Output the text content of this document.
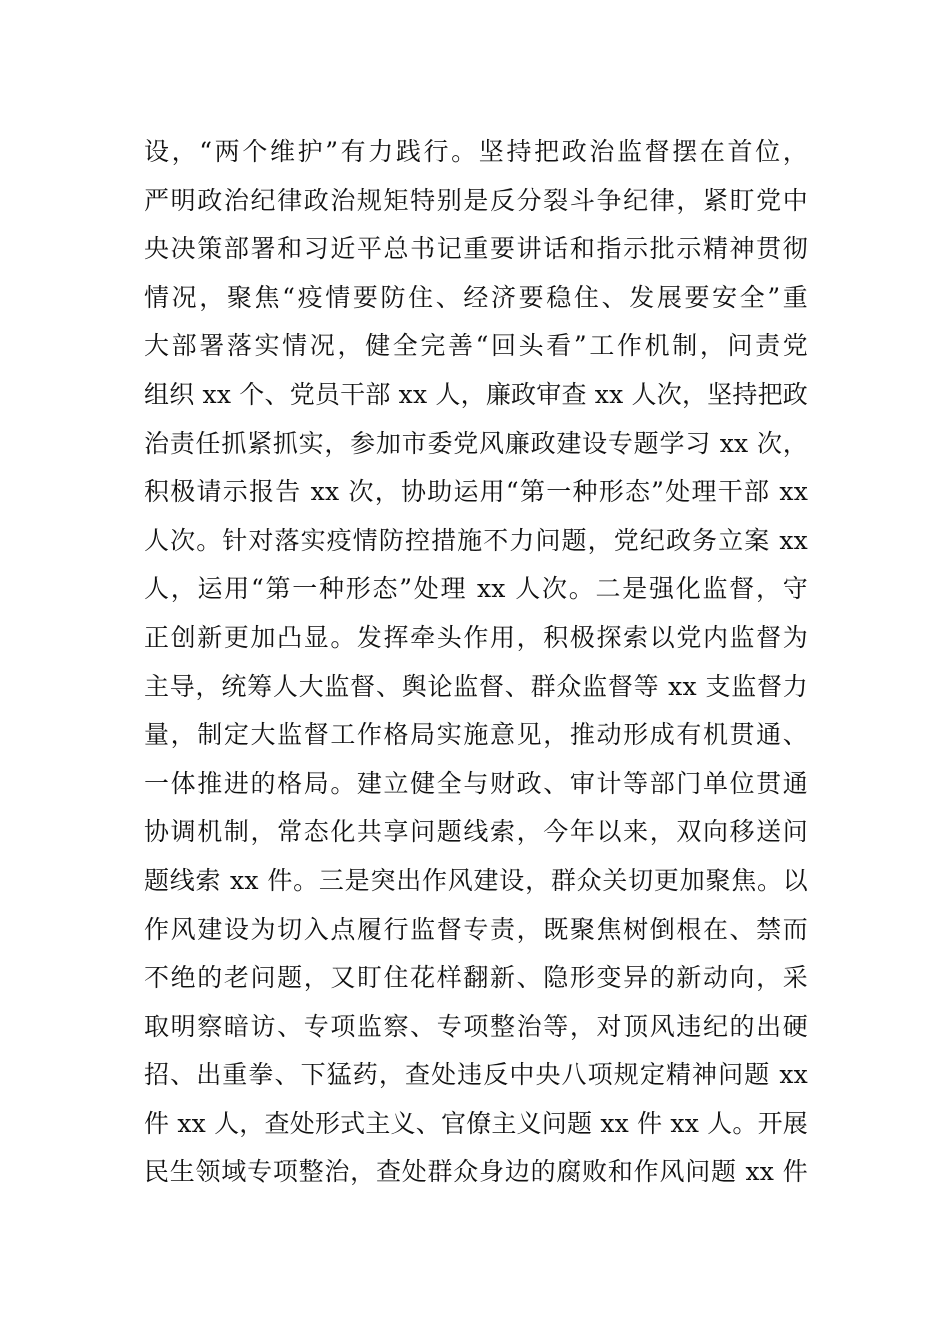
设，“两个维护”有力践行。坚持把政治监督摆在首位，
严明政治纪律政治规矩特别是反分裂斗争纪律，紧盯党中
央决策部署和习近平总书记重要讲话和指示批示精神贯彻
情况，聚焦“疫情要防住、经济要稳住、发展要安全”重
大部署落实情况，健全完善“回头看”工作机制，问责党
组织 xx 个、党员干部 xx 人，廉政审查 xx 人次，坚持把政
治责任抓紧抓实，参加市委党风廉政建设专题学习 xx 次，
积极请示报告 xx 次，协助运用“第一种形态”处理干部 xx
人次。针对落实疫情防控措施不力问题，党纪政务立案 xx
人，运用“第一种形态”处理 xx 人次。二是强化监督，守
正创新更加凸显。发挥牵头作用，积极探索以党内监督为
主导，统筹人大监督、舆论监督、群众监督等 xx 支监督力
量，制定大监督工作格局实施意见，推动形成有机贯通、
一体推进的格局。建立健全与财政、审计等部门单位贯通
协调机制，常态化共享问题线索，今年以来，双向移送问
题线索 xx 件。三是突出作风建设，群众关切更加聚焦。以
作风建设为切入点履行监督专责，既聚焦树倒根在、禁而
不绝的老问题，又盯住花样翻新、隐形变异的新动向，采
取明察暗访、专项监察、专项整治等，对顶风违纪的出硬
招、出重拳、下猛药，查处违反中央八项规定精神问题 xx
件 xx 人，查处形式主义、官僚主义问题 xx 件 xx 人。开展
民生领域专项整治，查处群众身边的腐败和作风问题 xx 件
